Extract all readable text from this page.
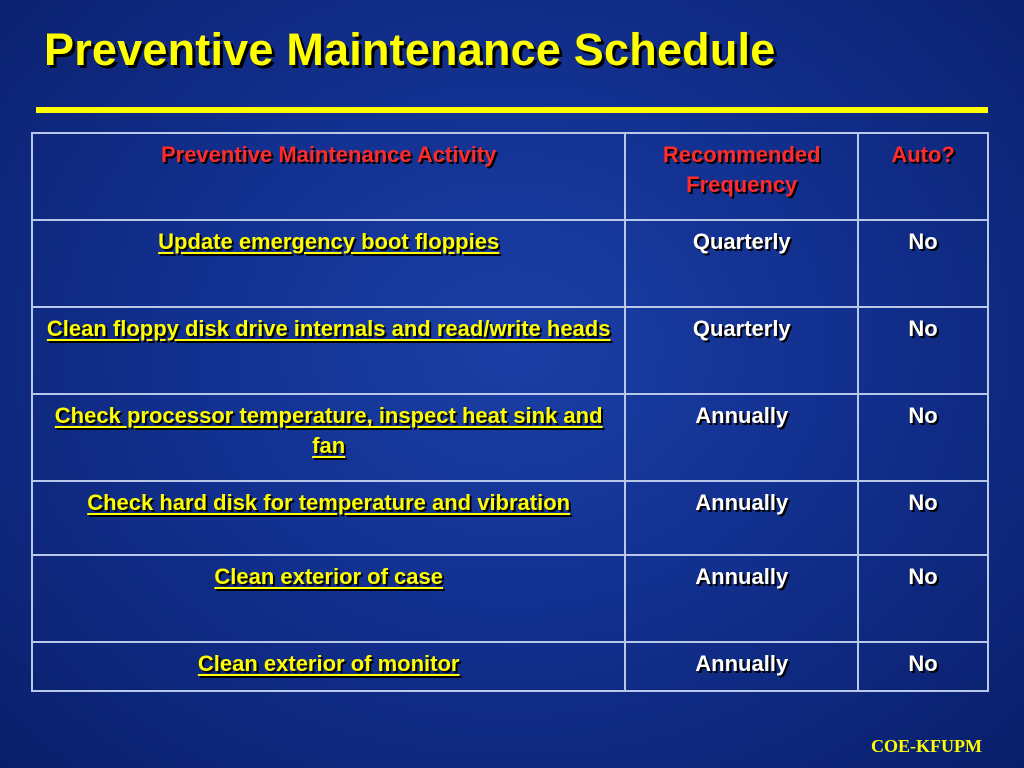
Preventive Maintenance Schedule
Preventive Maintenance Activity	Recommended Frequency	Auto?
Update emergency boot floppies	Quarterly	No
Clean floppy disk drive internals and read/write heads	Quarterly	No
Check processor temperature, inspect heat sink and fan	Annually	No
Check hard disk for temperature and vibration	Annually	No
Clean exterior of case	Annually	No
Clean exterior of monitor	Annually	No
COE-KFUPM
